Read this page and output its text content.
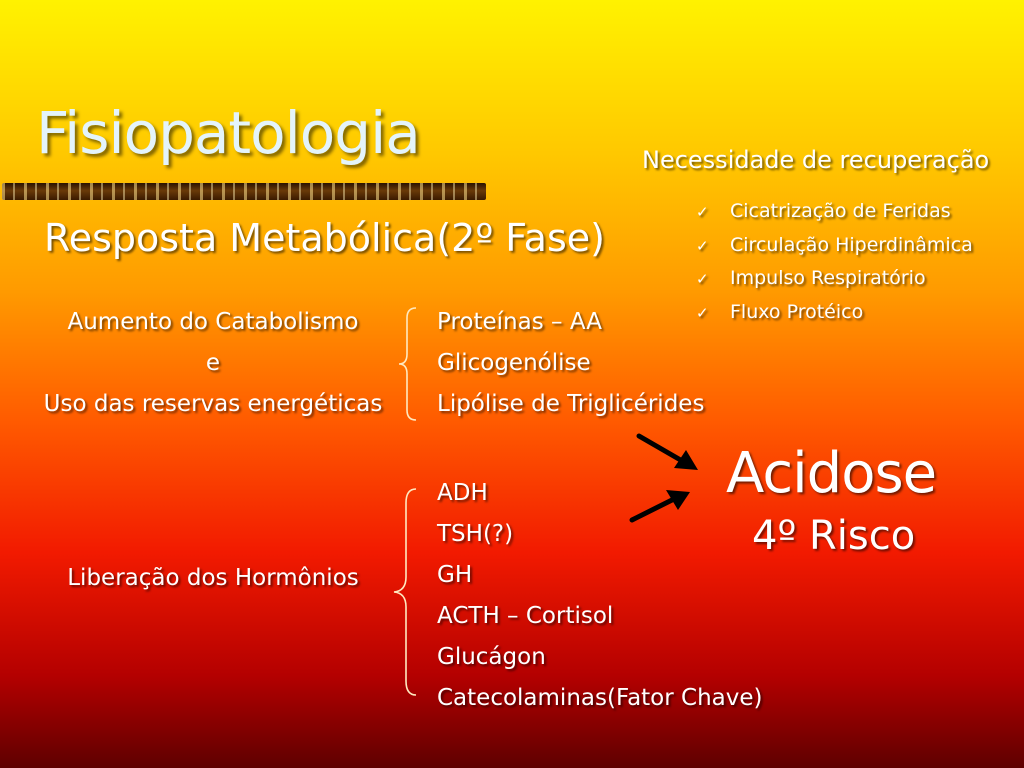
Fisiopatologia
Resposta Metabólica(2º Fase)
Necessidade de recuperação
✓ Cicatrização de Feridas
✓ Circulação Hiperdinâmica
✓ Impulso Respiratório
✓ Fluxo Protéico
Aumento do Catabolismo
e
Uso das reservas energéticas
Proteínas – AA
Glicogenólise
Lipólise de Triglicérides
Liberação dos Hormônios
ADH
TSH(?)
GH
ACTH – Cortisol
Glucágon
Catecolaminas(Fator Chave)
Acidose
4º Risco
